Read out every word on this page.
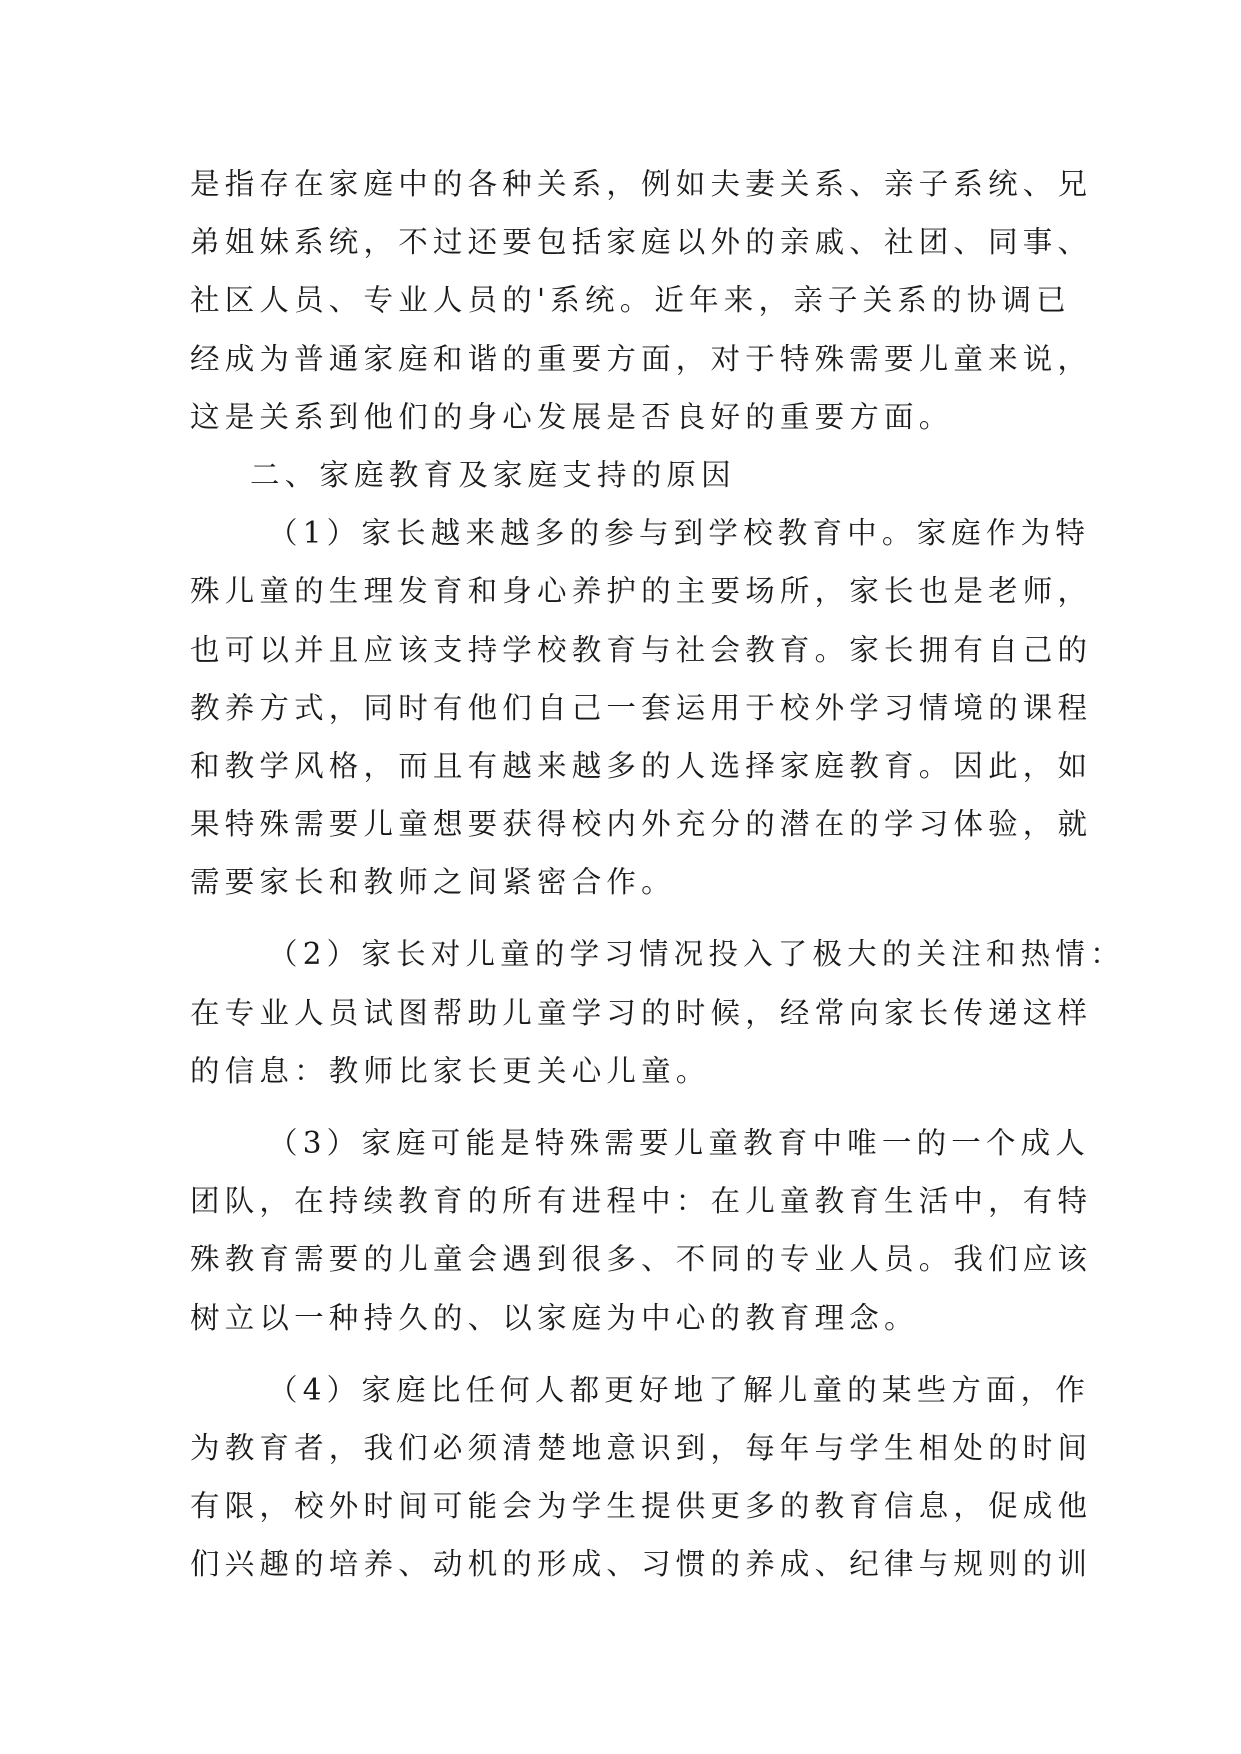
是指存在家庭中的各种关系，例如夫妻关系、亲子系统、兄
弟姐妹系统，不过还要包括家庭以外的亲戚、社团、同事、
社区人员、专业人员的'系统。近年来，亲子关系的协调已
经成为普通家庭和谐的重要方面，对于特殊需要儿童来说，
这是关系到他们的身心发展是否良好的重要方面。
二、家庭教育及家庭支持的原因
（1）家长越来越多的参与到学校教育中。家庭作为特
殊儿童的生理发育和身心养护的主要场所，家长也是老师，
也可以并且应该支持学校教育与社会教育。家长拥有自己的
教养方式，同时有他们自己一套运用于校外学习情境的课程
和教学风格，而且有越来越多的人选择家庭教育。因此，如
果特殊需要儿童想要获得校内外充分的潜在的学习体验，就
需要家长和教师之间紧密合作。
（2）家长对儿童的学习情况投入了极大的关注和热情：
在专业人员试图帮助儿童学习的时候，经常向家长传递这样
的信息：教师比家长更关心儿童。
（3）家庭可能是特殊需要儿童教育中唯一的一个成人
团队，在持续教育的所有进程中：在儿童教育生活中，有特
殊教育需要的儿童会遇到很多、不同的专业人员。我们应该
树立以一种持久的、以家庭为中心的教育理念。
（4）家庭比任何人都更好地了解儿童的某些方面，作
为教育者，我们必须清楚地意识到，每年与学生相处的时间
有限，校外时间可能会为学生提供更多的教育信息，促成他
们兴趣的培养、动机的形成、习惯的养成、纪律与规则的训
